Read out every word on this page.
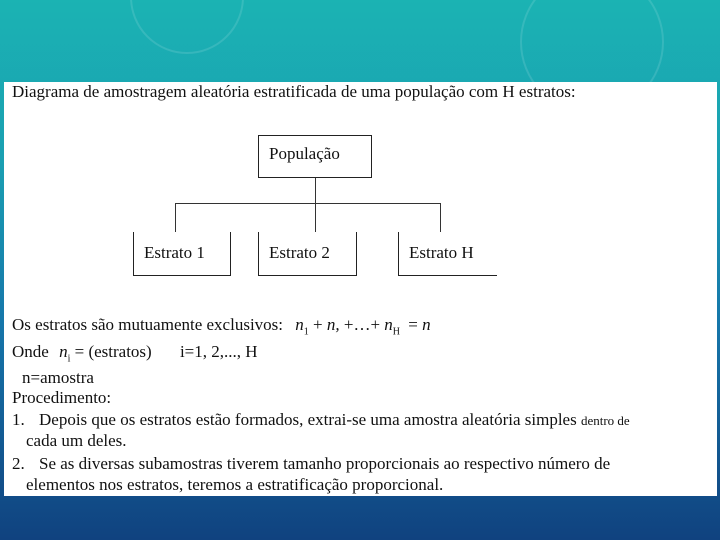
Diagrama de amostragem aleatória estratificada de uma população com H estratos:
População
Estrato 1	Estrato 2	Estrato H
Os estratos são mutuamente exclusivos: $n_1 + n$, +…+ $n_H = n$
Onde $n_i$ = (estratos) i=1, 2,..., H
n=amostra
Procedimento:
1. Depois que os estratos estão formados, extrai-se uma amostra aleatória simples dentro de
cada um deles.
2. Se as diversas subamostras tiverem tamanho proporcionais ao respectivo número de
elementos nos estratos, teremos a estratificação proporcional.
